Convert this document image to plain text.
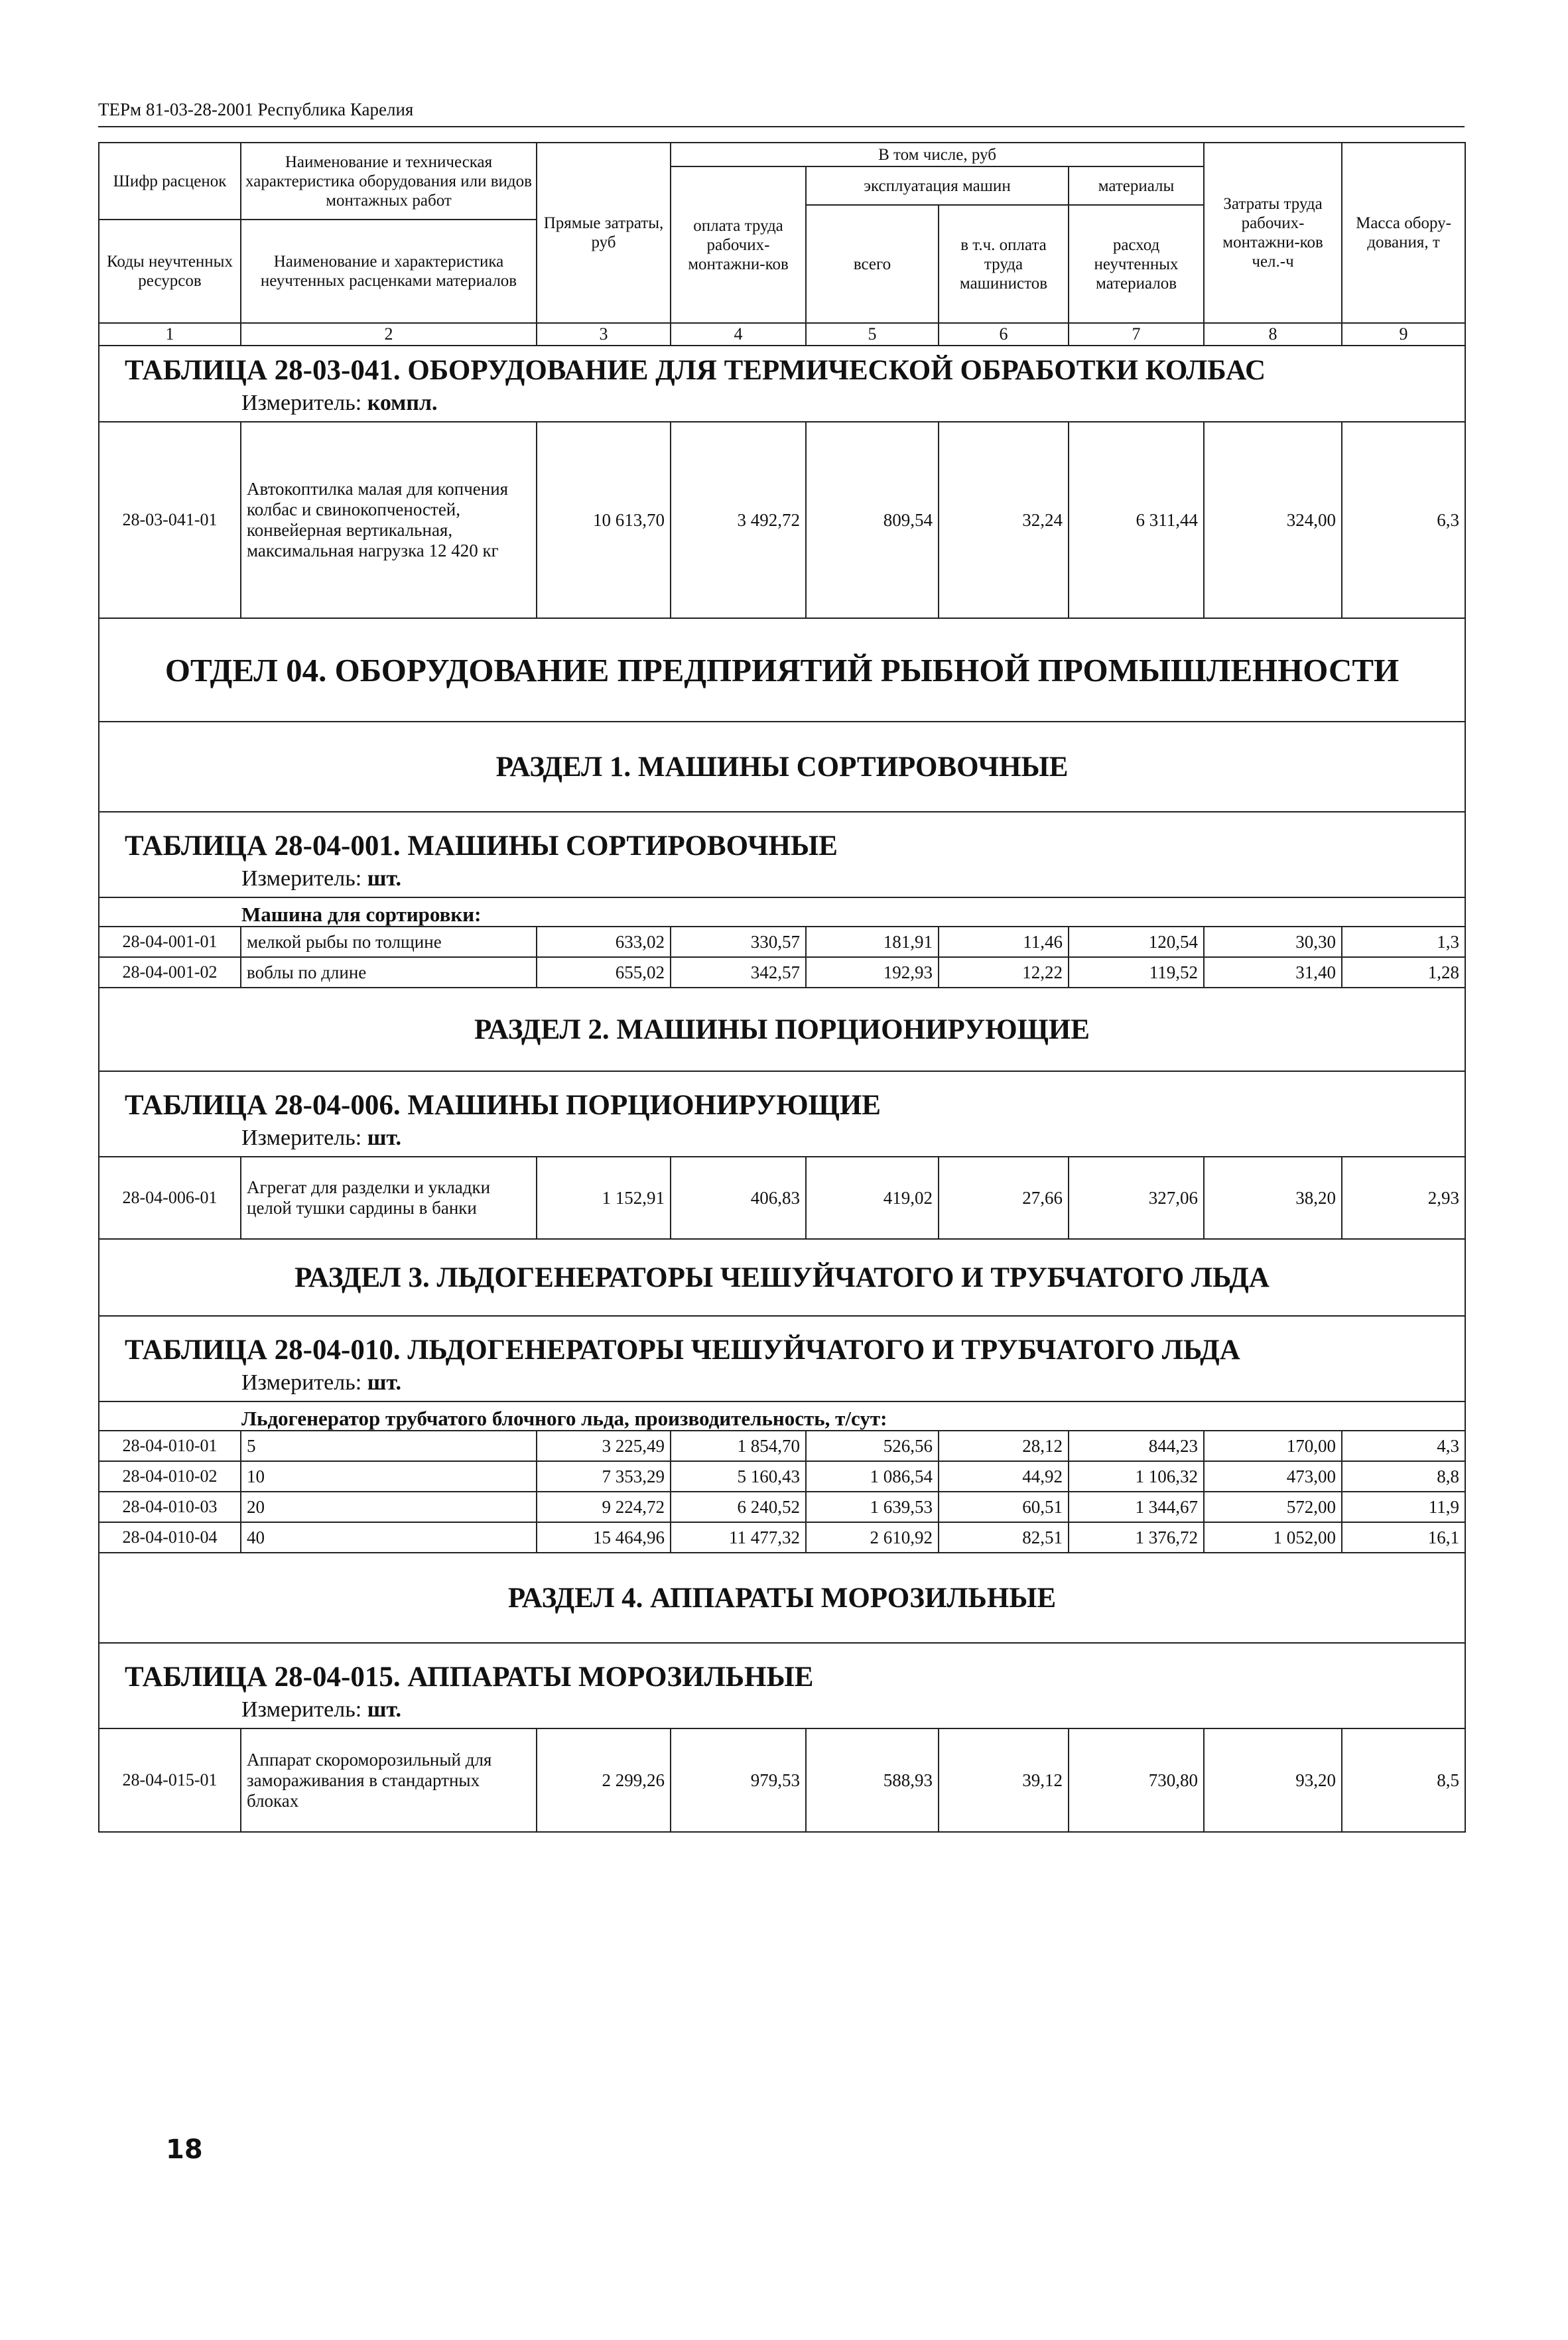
ТЕРм 81-03-28-2001 Республика Карелия
Шифр расценок	Наименование и техническая характеристика оборудования или видов монтажных работ	Прямые затраты, руб	В том числе, руб				Затраты труда рабочих-монтажни-ков чел.-ч	Масса обору-дования, т
			оплата труда рабочих-монтажни-ков	эксплуатация машин		материалы		
				всего	в т.ч. оплата труда машинистов	расход неучтенных материалов		
Коды неучтенных ресурсов	Наименование и характеристика неучтенных расценками материалов							

1	2	3	4	5	6	7	8	9

ТАБЛИЦА 28-03-041. ОБОРУДОВАНИЕ ДЛЯ ТЕРМИЧЕСКОЙ ОБРАБОТКИ КОЛБАС
Измеритель: компл.								

28-03-041-01	Автокоптилка малая для копчения колбас и свинокопченостей, конвейерная вертикальная, максимальная нагрузка 12 420 кг	10 613,70	3 492,72	809,54	32,24	6 311,44	324,00	6,3
ОТДЕЛ 04. ОБОРУДОВАНИЕ ПРЕДПРИЯТИЙ РЫБНОЙ ПРОМЫШЛЕННОСТИ								
РАЗДЕЛ 1. МАШИНЫ СОРТИРОВОЧНЫЕ								

ТАБЛИЦА 28-04-001. МАШИНЫ СОРТИРОВОЧНЫЕ
Измеритель: шт.								

Машина для сортировки:								

28-04-001-01	мелкой рыбы по толщине	633,02	330,57	181,91	11,46	120,54	30,30	1,3
28-04-001-02	воблы по длине	655,02	342,57	192,93	12,22	119,52	31,40	1,28
РАЗДЕЛ 2. МАШИНЫ ПОРЦИОНИРУЮЩИЕ								

ТАБЛИЦА 28-04-006. МАШИНЫ ПОРЦИОНИРУЮЩИЕ
Измеритель: шт.								

28-04-006-01	Агрегат для разделки и укладки целой тушки сардины в банки	1 152,91	406,83	419,02	27,66	327,06	38,20	2,93
РАЗДЕЛ 3. ЛЬДОГЕНЕРАТОРЫ ЧЕШУЙЧАТОГО И ТРУБЧАТОГО ЛЬДА								

ТАБЛИЦА 28-04-010. ЛЬДОГЕНЕРАТОРЫ ЧЕШУЙЧАТОГО И ТРУБЧАТОГО ЛЬДА
Измеритель: шт.								

Льдогенератор трубчатого блочного льда, производительность, т/сут:								

28-04-010-01	5	3 225,49	1 854,70	526,56	28,12	844,23	170,00	4,3
28-04-010-02	10	7 353,29	5 160,43	1 086,54	44,92	1 106,32	473,00	8,8
28-04-010-03	20	9 224,72	6 240,52	1 639,53	60,51	1 344,67	572,00	11,9
28-04-010-04	40	15 464,96	11 477,32	2 610,92	82,51	1 376,72	1 052,00	16,1
РАЗДЕЛ 4. АППАРАТЫ МОРОЗИЛЬНЫЕ								

ТАБЛИЦА 28-04-015. АППАРАТЫ МОРОЗИЛЬНЫЕ
Измеритель: шт.								

28-04-015-01	Аппарат скороморозильный для замораживания в стандартных блоках	2 299,26	979,53	588,93	39,12	730,80	93,20	8,5
18
